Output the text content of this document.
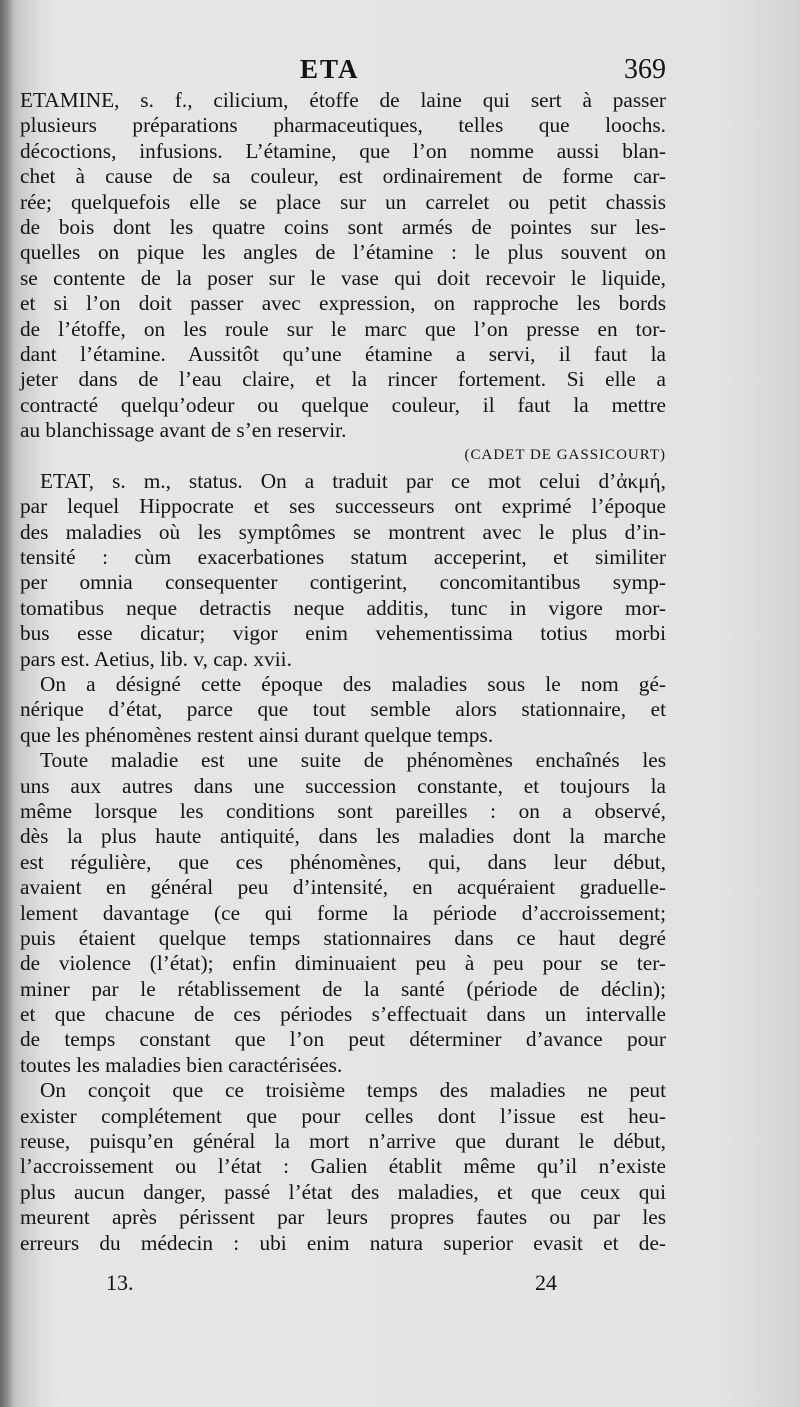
ETA	369
ETAMINE, s. f., cilicium, étoffe de laine qui sert à passer
plusieurs préparations pharmaceutiques, telles que loochs.
décoctions, infusions. L’étamine, que l’on nomme aussi blan-
chet à cause de sa couleur, est ordinairement de forme car-
rée; quelquefois elle se place sur un carrelet ou petit chassis
de bois dont les quatre coins sont armés de pointes sur les-
quelles on pique les angles de l’étamine : le plus souvent on
se contente de la poser sur le vase qui doit recevoir le liquide,
et si l’on doit passer avec expression, on rapproche les bords
de l’étoffe, on les roule sur le marc que l’on presse en tor-
dant l’étamine. Aussitôt qu’une étamine a servi, il faut la
jeter dans de l’eau claire, et la rincer fortement. Si elle a
contracté quelqu’odeur ou quelque couleur, il faut la mettre
au blanchissage avant de s’en reservir.
(CADET DE GASSICOURT)
ETAT, s. m., status. On a traduit par ce mot celui d’ἀκμή,
par lequel Hippocrate et ses successeurs ont exprimé l’époque
des maladies où les symptômes se montrent avec le plus d’in-
tensité : cùm exacerbationes statum acceperint, et similiter
per omnia consequenter contigerint, concomitantibus symp-
tomatibus neque detractis neque additis, tunc in vigore mor-
bus esse dicatur; vigor enim vehementissima totius morbi
pars est. Aetius, lib. v, cap. xvii.
On a désigné cette époque des maladies sous le nom gé-
nérique d’état, parce que tout semble alors stationnaire, et
que les phénomènes restent ainsi durant quelque temps.
Toute maladie est une suite de phénomènes enchaînés les
uns aux autres dans une succession constante, et toujours la
même lorsque les conditions sont pareilles : on a observé,
dès la plus haute antiquité, dans les maladies dont la marche
est régulière, que ces phénomènes, qui, dans leur début,
avaient en général peu d’intensité, en acquéraient graduelle-
lement davantage (ce qui forme la période d’accroissement;
puis étaient quelque temps stationnaires dans ce haut degré
de violence (l’état); enfin diminuaient peu à peu pour se ter-
miner par le rétablissement de la santé (période de déclin);
et que chacune de ces périodes s’effectuait dans un intervalle
de temps constant que l’on peut déterminer d’avance pour
toutes les maladies bien caractérisées.
On conçoit que ce troisième temps des maladies ne peut
exister complétement que pour celles dont l’issue est heu-
reuse, puisqu’en général la mort n’arrive que durant le début,
l’accroissement ou l’état : Galien établit même qu’il n’existe
plus aucun danger, passé l’état des maladies, et que ceux qui
meurent après périssent par leurs propres fautes ou par les
erreurs du médecin : ubi enim natura superior evasit et de-
13.	24
